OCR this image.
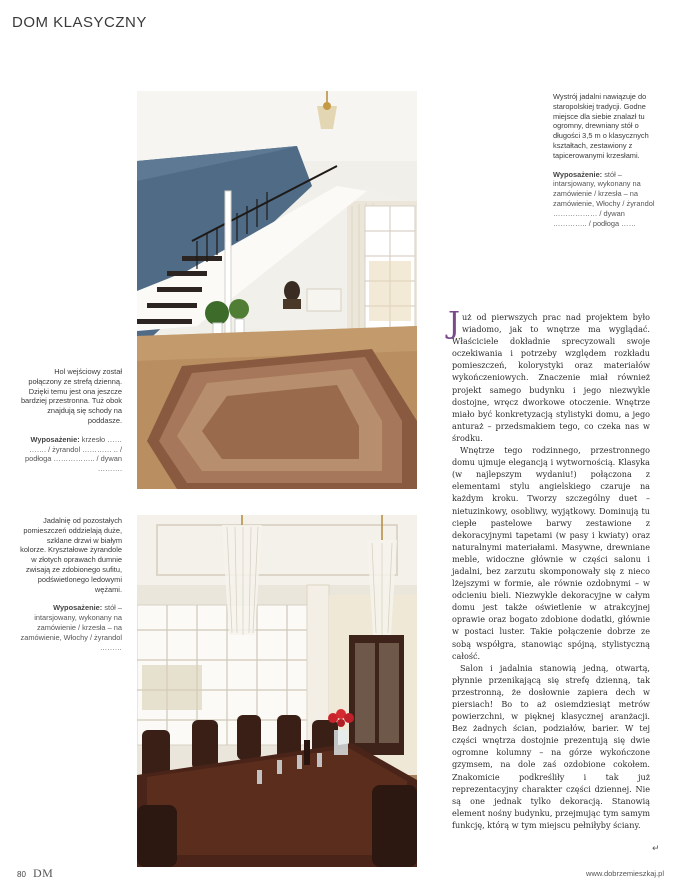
DOM KLASYCZNY

Wystrój jadalni nawiązuje do staropolskiej tradycji. Godne miejsce dla siebie znalazł tu ogromny, drewniany stół o długości 3,5 m o klasycznych kształtach, zestawiony z tapicerowanymi krzesłami.

Wyposażenie: stół – intarsjowany, wykonany na zamówienie / krzesła – na zamówienie, Włochy / żyrandol ……………… / dywan ………….. / podłoga ……

Hol wejściowy został połączony ze strefą dzienną. Dzięki temu jest ona jeszcze bardziej przestronna. Tuż obok znajdują się schody na poddasze.

Wyposażenie: krzesło …… ……. / żyrandol ………… .. / podłoga …………….. / dywan ……….

Jadalnię od pozostałych pomieszczeń oddzielają duże, szklane drzwi w białym kolorze. Kryształowe żyrandole w złotych oprawach dumnie zwisają ze zdobionego sufitu, podświetlonego ledowymi wężami.

Wyposażenie: stół – intarsjowany, wykonany na zamówienie / krzesła – na zamówienie, Włochy / żyrandol ………

Już od pierwszych prac nad projektem było wiadomo, jak to wnętrze ma wyglądać. Właściciele dokładnie sprecyzowali swoje oczekiwania i potrzeby względem rozkładu pomieszczeń, kolorystyki oraz materiałów wykończeniowych. Znaczenie miał również projekt samego budynku i jego niezwykle dostojne, wręcz dworkowe otoczenie. Wnętrze miało być konkretyzacją stylistyki domu, a jego anturaż – przedsmakiem tego, co czeka nas w środku.

Wnętrze tego rodzinnego, przestronnego domu ujmuje elegancją i wytwornością. Klasyka (w najlepszym wydaniu!) połączona z elementami stylu angielskiego czaruje na każdym kroku. Tworzy szczególny duet – nietuzinkowy, osobliwy, wyjątkowy. Dominują tu ciepłe pastelowe barwy zestawione z dekoracyjnymi tapetami (w pasy i kwiaty) oraz naturalnymi materiałami. Masywne, drewniane meble, widoczne głównie w części salonu i jadalni, bez zarzutu skomponowały się z nieco lżejszymi w formie, ale równie ozdobnymi – w odcieniu bieli. Niezwykle dekoracyjne w całym domu jest także oświetlenie w atrakcyjnej oprawie oraz bogato zdobione dodatki, głównie w postaci luster. Takie połączenie dobrze ze sobą współgra, stanowiąc spójną, stylistyczną całość.

Salon i jadalnia stanowią jedną, otwartą, płynnie przenikającą się strefę dzienną, tak przestronną, że dosłownie zapiera dech w piersiach! Bo to aż osiemdziesiąt metrów powierzchni, w pięknej klasycznej aranżacji. Bez żadnych ścian, podziałów, barier. W tej części wnętrza dostojnie prezentują się dwie ogromne kolumny – na górze wykończone gzymsem, na dole zaś ozdobione cokołem. Znakomicie podkreśliły i tak już reprezentacyjny charakter części dziennej. Nie są one jednak tylko dekoracją. Stanowią element nośny budynku, przejmując tym samym funkcję, którą w tym miejscu pełniłyby ściany.

↵
80 DM	www.dobrzemieszkaj.pl
